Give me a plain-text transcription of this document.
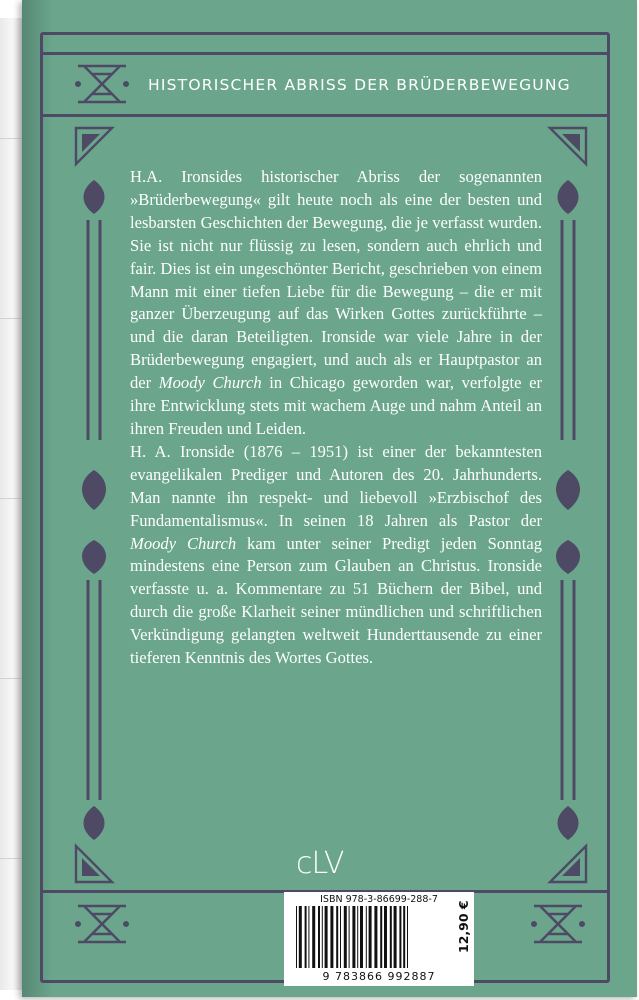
HISTORISCHER ABRISS DER BRÜDERBEWEGUNG

H.A. Ironsides historischer Abriss der sogenannten »Brüderbewegung« gilt heute noch als eine der besten und lesbarsten Geschichten der Bewegung, die je verfasst wurden. Sie ist nicht nur flüssig zu lesen, sondern auch ehrlich und fair. Dies ist ein ungeschönter Bericht, geschrieben von einem Mann mit einer tiefen Liebe für die Bewegung – die er mit ganzer Überzeugung auf das Wirken Gottes zurückführte – und die daran Beteiligten. Ironside war viele Jahre in der Brüderbewegung engagiert, und auch als er Hauptpastor an der Moody Church in Chicago geworden war, verfolgte er ihre Entwicklung stets mit wachem Auge und nahm Anteil an ihren Freuden und Leiden.

H. A. Ironside (1876 – 1951) ist einer der bekanntesten evangelikalen Prediger und Autoren des 20. Jahrhunderts. Man nannte ihn respekt- und liebevoll »Erzbischof des Fundamentalismus«. In seinen 18 Jahren als Pastor der Moody Church kam unter seiner Predigt jeden Sonntag mindestens eine Person zum Glauben an Christus. Ironside verfasste u. a. Kommentare zu 51 Büchern der Bibel, und durch die große Klarheit seiner mündlichen und schriftlichen Verkündigung gelangten weltweit Hunderttausende zu einer tieferen Kenntnis des Wortes Gottes.

cLV
ISBN 978-3-86699-288-7
9 783866 992887
12,90 €
